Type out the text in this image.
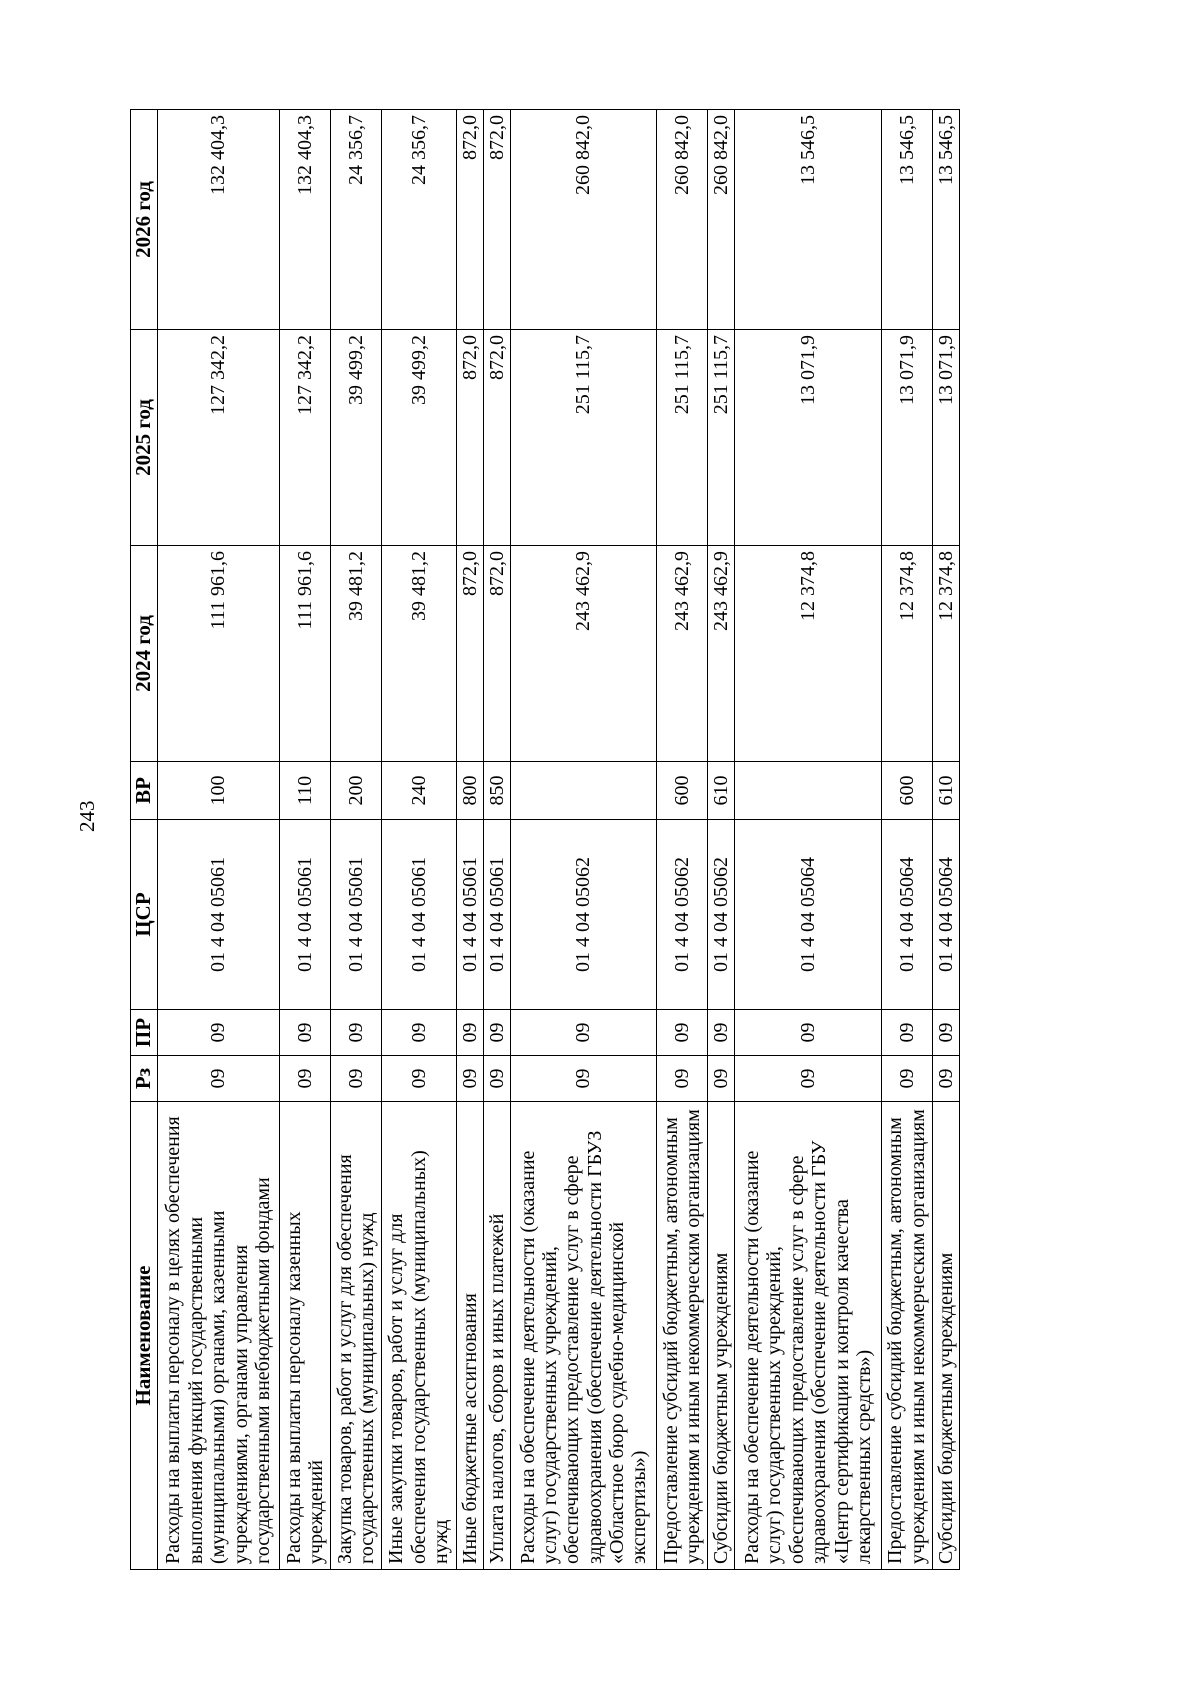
243
Наименование	Рз	ПР	ЦСР	ВР	2024 год	2025 год	2026 год
Расходы на выплаты персоналу в целях обеспечения выполнения функций государственными (муниципальными) органами, казенными учреждениями, органами управления государственными внебюджетными фондами	09	09	01 4 04 05061	100	111 961,6	127 342,2	132 404,3
Расходы на выплаты персоналу казенных учреждений	09	09	01 4 04 05061	110	111 961,6	127 342,2	132 404,3
Закупка товаров, работ и услуг для обеспечения государственных (муниципальных) нужд	09	09	01 4 04 05061	200	39 481,2	39 499,2	24 356,7
Иные закупки товаров, работ и услуг для обеспечения государственных (муниципальных) нужд	09	09	01 4 04 05061	240	39 481,2	39 499,2	24 356,7
Иные бюджетные ассигнования	09	09	01 4 04 05061	800	872,0	872,0	872,0
Уплата налогов, сборов и иных платежей	09	09	01 4 04 05061	850	872,0	872,0	872,0
Расходы на обеспечение деятельности (оказание услуг) государственных учреждений, обеспечивающих предоставление услуг в сфере здравоохранения (обеспечение деятельности ГБУЗ «Областное бюро судебно-медицинской экспертизы»)	09	09	01 4 04 05062		243 462,9	251 115,7	260 842,0
Предоставление субсидий бюджетным, автономным учреждениям и иным некоммерческим организациям	09	09	01 4 04 05062	600	243 462,9	251 115,7	260 842,0
Субсидии бюджетным учреждениям	09	09	01 4 04 05062	610	243 462,9	251 115,7	260 842,0
Расходы на обеспечение деятельности (оказание услуг) государственных учреждений, обеспечивающих предоставление услуг в сфере здравоохранения (обеспечение деятельности ГБУ «Центр сертификации и контроля качества лекарственных средств»)	09	09	01 4 04 05064		12 374,8	13 071,9	13 546,5
Предоставление субсидий бюджетным, автономным учреждениям и иным некоммерческим организациям	09	09	01 4 04 05064	600	12 374,8	13 071,9	13 546,5
Субсидии бюджетным учреждениям	09	09	01 4 04 05064	610	12 374,8	13 071,9	13 546,5
